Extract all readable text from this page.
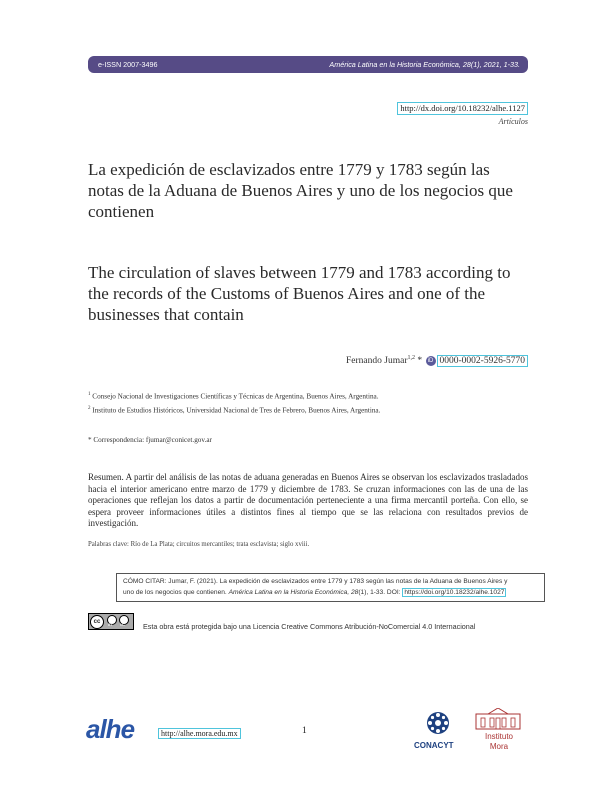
e-ISSN 2007-3496	América Latina en la Historia Económica, 28(1), 2021, 1-33.
http://dx.doi.org/10.18232/alhe.1127
Artículos
La expedición de esclavizados entre 1779 y 1783 según las notas de la Aduana de Buenos Aires y uno de los negocios que contienen
The circulation of slaves between 1779 and 1783 according to the records of the Customs of Buenos Aires and one of the businesses that contain
Fernando Jumar$^{1,2}$ * iD 0000-0002-5926-5770
$^1$ Consejo Nacional de Investigaciones Científicas y Técnicas de Argentina, Buenos Aires, Argentina.
$^2$ Instituto de Estudios Históricos, Universidad Nacional de Tres de Febrero, Buenos Aires, Argentina.
* Correspondencia: fjumar@conicet.gov.ar
Resumen. A partir del análisis de las notas de aduana generadas en Buenos Aires se observan los esclavizados trasladados hacia el interior americano entre marzo de 1779 y diciembre de 1783. Se cruzan informaciones con las de una de las operaciones que reflejan los datos a partir de documentación perteneciente a una firma mercantil porteña. Con ello, se espera proveer informaciones útiles a distintos fines al tiempo que se las relaciona con resultados previos de investigación.
Palabras clave: Río de La Plata; circuitos mercantiles; trata esclavista; siglo xviii.
CÓMO CITAR: Jumar, F. (2021). La expedición de esclavizados entre 1779 y 1783 según las notas de la Aduana de Buenos Aires y
uno de los negocios que contienen. América Latina en la Historia Económica, 28(1), 1-33. DOI: https://doi.org/10.18232/alhe.1027
cc	BY NC Esta obra está protegida bajo una Licencia Creative Commons Atribución-NoComercial 4.0 Internacional
alhe	http://alhe.mora.edu.mx	1
CONACYT
Instituto
Mora
